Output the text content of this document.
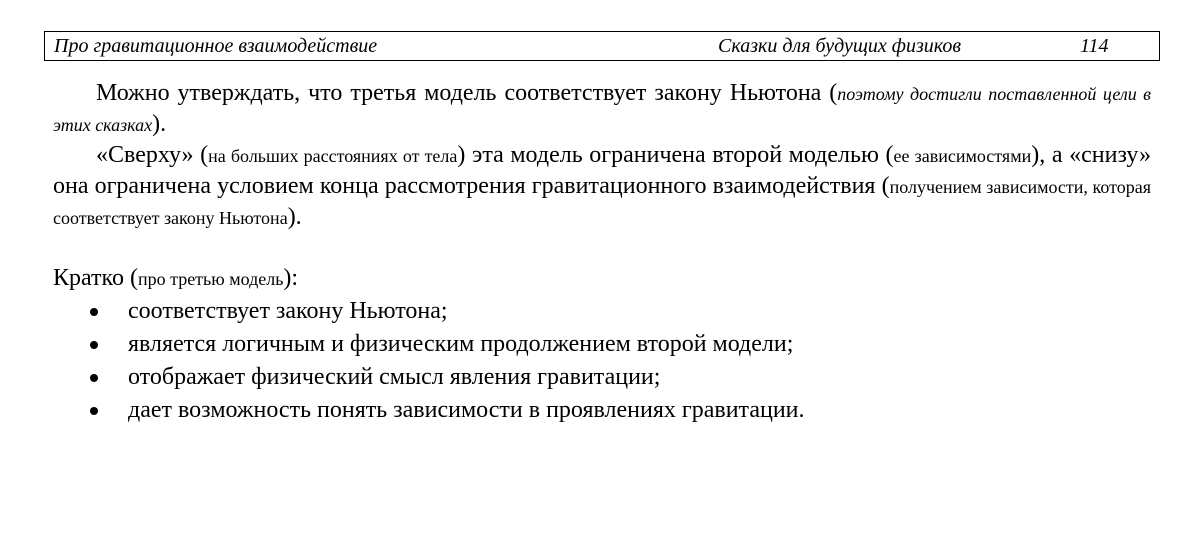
Про гравитационное взаимодействие	Сказки для будущих физиков	114

Можно утверждать, что третья модель соответствует закону Ньютона (поэтому достигли поставленной цели в этих сказках).

«Сверху» (на больших расстояниях от тела) эта модель ограничена второй моделью (ее зависимостями), а «снизу» она ограничена условием конца рассмотрения гравитационного взаимодействия (получением зависимости, которая соответствует закону Ньютона).

Кратко (про третью модель):

соответствует закону Ньютона;
является логичным и физическим продолжением второй модели;
отображает физический смысл явления гравитации;
дает возможность понять зависимости в проявлениях гравитации.
